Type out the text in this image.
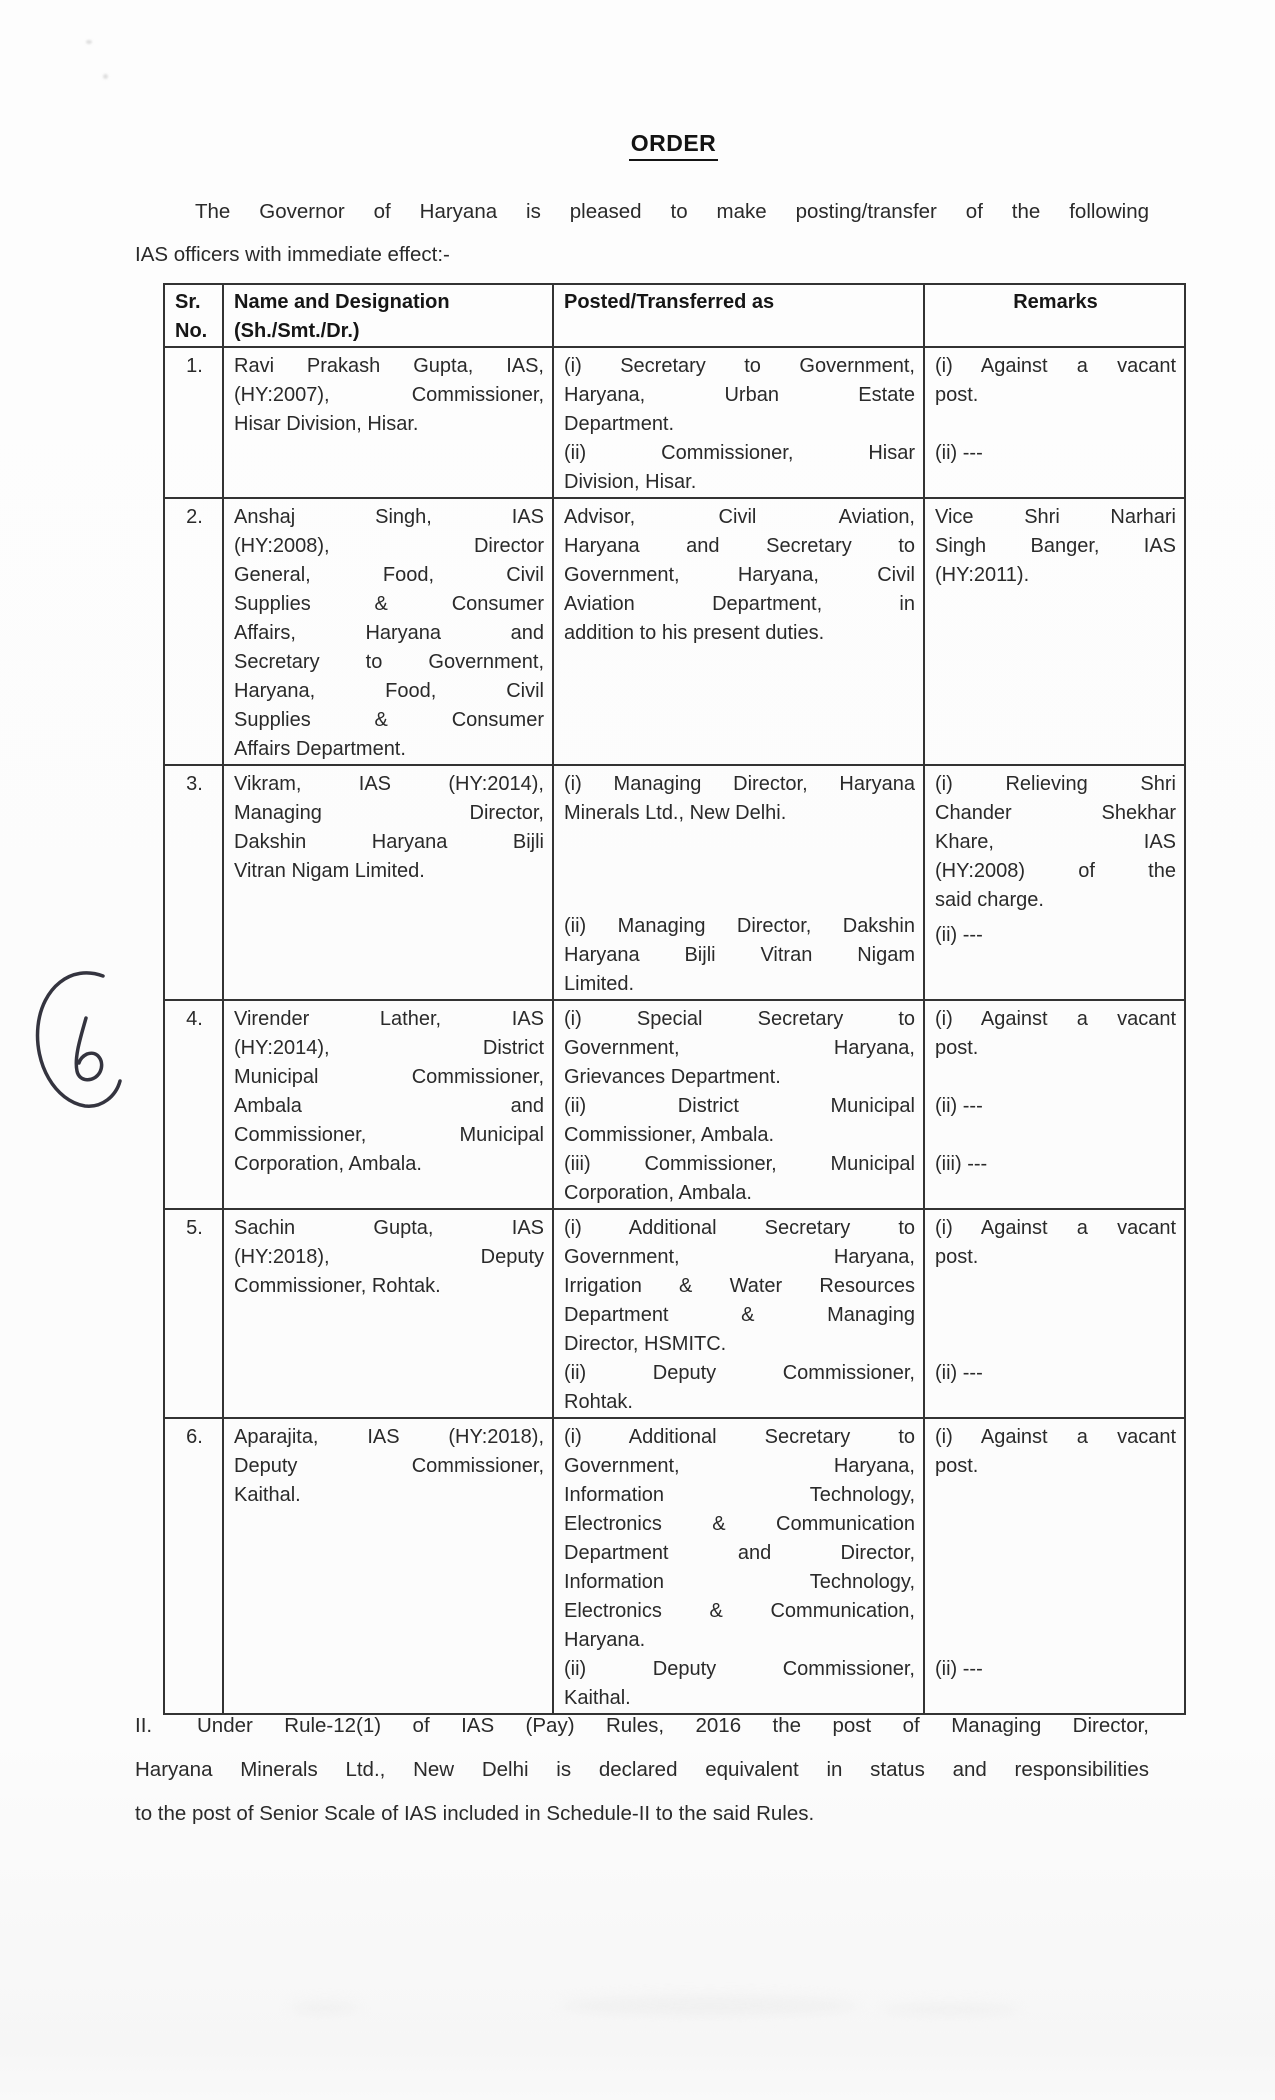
ORDER
The Governor of Haryana is pleased to make posting/transfer of the following
IAS officers with immediate effect:-
Sr.
No.

Name and Designation
(Sh./Smt./Dr.)

Posted/Transferred as	Remarks

1.	Ravi Prakash Gupta, IAS,
(HY:2007), Commissioner,
Hisar Division, Hisar.

(i) Secretary to Government,
Haryana, Urban Estate
Department.
(ii) Commissioner, Hisar
Division, Hisar.

(i) Against a vacant
post.
(ii) ---

2.	Anshaj Singh, IAS
(HY:2008), Director
General, Food, Civil
Supplies & Consumer
Affairs, Haryana and
Secretary to Government,
Haryana, Food, Civil
Supplies & Consumer
Affairs Department.

Advisor, Civil Aviation,
Haryana and Secretary to
Government, Haryana, Civil
Aviation Department, in
addition to his present duties.

Vice Shri Narhari
Singh Banger, IAS
(HY:2011).

3.	Vikram, IAS (HY:2014),
Managing Director,
Dakshin Haryana Bijli
Vitran Nigam Limited.

(i) Managing Director, Haryana
Minerals Ltd., New Delhi.
(ii) Managing Director, Dakshin
Haryana Bijli Vitran Nigam
Limited.

(i) Relieving Shri
Chander Shekhar
Khare, IAS
(HY:2008) of the
said charge.
(ii) ---

4.	Virender Lather, IAS
(HY:2014), District
Municipal Commissioner,
Ambala and
Commissioner, Municipal
Corporation, Ambala.

(i) Special Secretary to
Government, Haryana,
Grievances Department.
(ii) District Municipal
Commissioner, Ambala.
(iii) Commissioner, Municipal
Corporation, Ambala.

(i) Against a vacant
post.
(ii) ---
(iii) ---

5.	Sachin Gupta, IAS
(HY:2018), Deputy
Commissioner, Rohtak.

(i) Additional Secretary to
Government, Haryana,
Irrigation & Water Resources
Department & Managing
Director, HSMITC.
(ii) Deputy Commissioner,
Rohtak.

(i) Against a vacant
post.
(ii) ---

6.	Aparajita, IAS (HY:2018),
Deputy Commissioner,
Kaithal.

(i) Additional Secretary to
Government, Haryana,
Information Technology,
Electronics & Communication
Department and Director,
Information Technology,
Electronics & Communication,
Haryana.
(ii) Deputy Commissioner,
Kaithal.

(i) Against a vacant
post.
(ii) ---
II. Under Rule-12(1) of IAS (Pay) Rules, 2016 the post of Managing Director,
Haryana Minerals Ltd., New Delhi is declared equivalent in status and responsibilities
to the post of Senior Scale of IAS included in Schedule-II to the said Rules.
